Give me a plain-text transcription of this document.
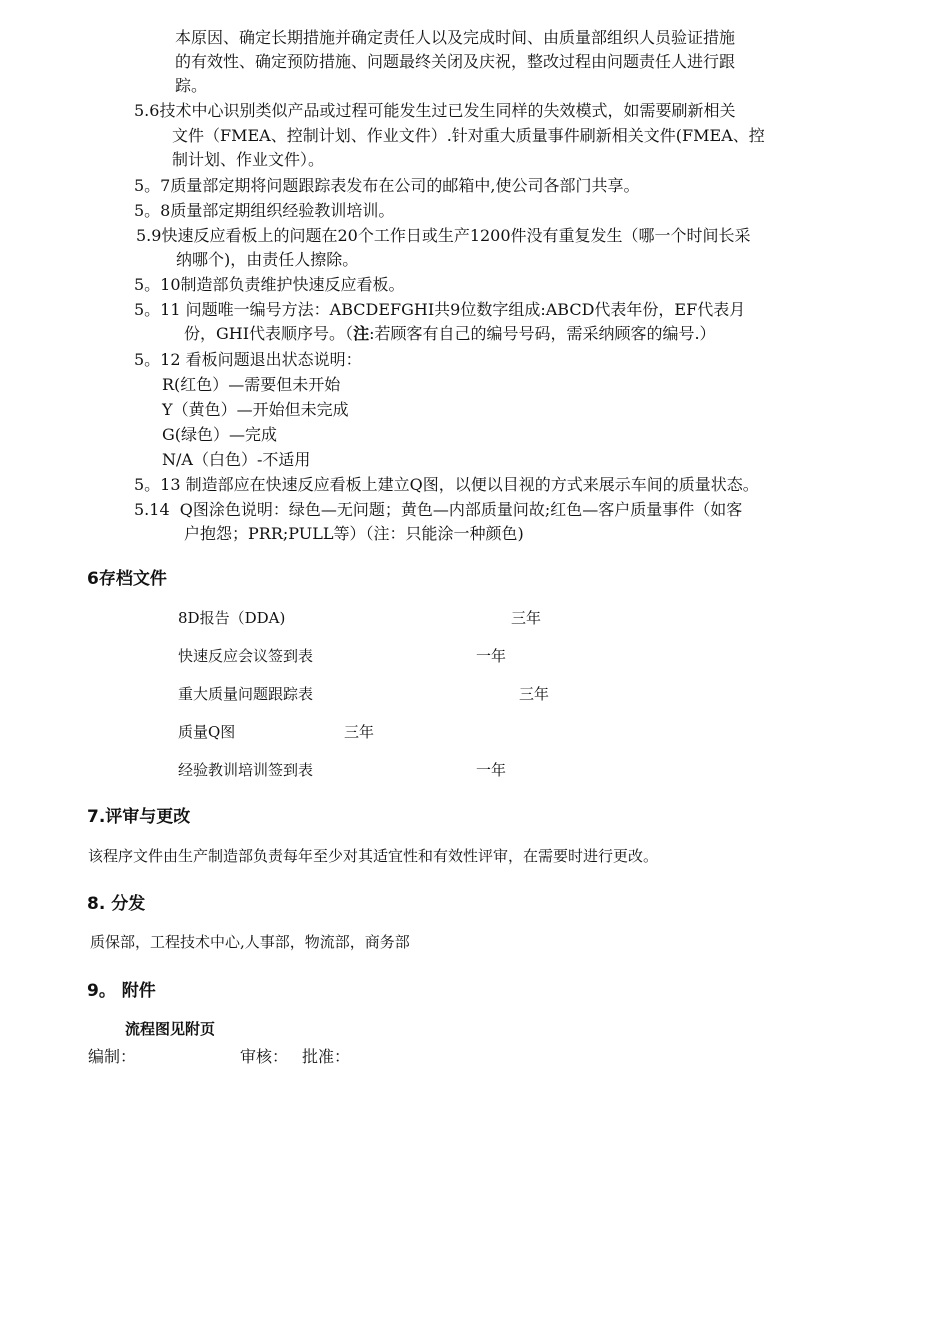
本原因、确定长期措施并确定责任人以及完成时间、由质量部组织人员验证措施
的有效性、确定预防措施、问题最终关闭及庆祝，整改过程由问题责任人进行跟
踪。
5.6技术中心识别类似产品或过程可能发生过已发生同样的失效模式，如需要刷新相关
文件（FMEA、控制计划、作业文件）.针对重大质量事件刷新相关文件(FMEA、控
制计划、作业文件）。
5。7质量部定期将问题跟踪表发布在公司的邮箱中,使公司各部门共享。
5。8质量部定期组织经验教训培训。
5.9快速反应看板上的问题在20个工作日或生产1200件没有重复发生（哪一个时间长采
纳哪个)，由责任人擦除。
5。10制造部负责维护快速反应看板。
5。11 问题唯一编号方法：ABCDEFGHI共9位数字组成:ABCD代表年份，EF代表月
份，GHI代表顺序号。（注:若顾客有自己的编号号码，需采纳顾客的编号.）
5。12 看板问题退出状态说明：
R(红色）—需要但未开始
Y（黄色）—开始但未完成
G(绿色）—完成
N/A（白色）-不适用
5。13 制造部应在快速反应看板上建立Q图，以便以目视的方式来展示车间的质量状态。
5.14 Q图涂色说明：绿色—无问题；黄色—内部质量问故;红色—客户质量事件（如客
户抱怨；PRR;PULL等）（注：只能涂一种颜色)
6存档文件
8D报告（DDA)	三年
快速反应会议签到表	一年
重大质量问题跟踪表	三年
质量Q图	三年
经验教训培训签到表	一年
7.评审与更改
该程序文件由生产制造部负责每年至少对其适宜性和有效性评审，在需要时进行更改。
8. 分发
质保部，工程技术中心,人事部，物流部，商务部
9。 附件
流程图见附页
编制：	审核： 批准：
